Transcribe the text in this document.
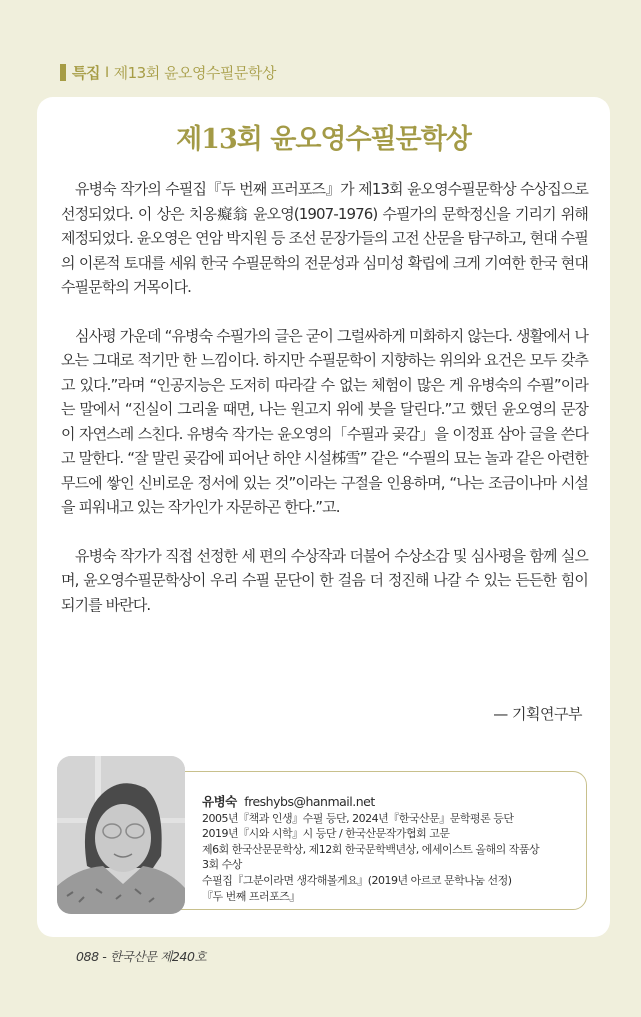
특집 I 제13회 윤오영수필문학상
제13회 윤오영수필문학상

유병숙 작가의 수필집『두 번째 프러포즈』가 제13회 윤오영수필문학상 수상집으로 선정되었다. 이 상은 치옹癡翁 윤오영(1907-1976) 수필가의 문학정신을 기리기 위해 제정되었다. 윤오영은 연암 박지원 등 조선 문장가들의 고전 산문을 탐구하고, 현대 수필의 이론적 토대를 세워 한국 수필문학의 전문성과 심미성 확립에 크게 기여한 한국 현대 수필문학의 거목이다.

심사평 가운데 “유병숙 수필가의 글은 굳이 그럴싸하게 미화하지 않는다. 생활에서 나오는 그대로 적기만 한 느낌이다. 하지만 수필문학이 지향하는 위의와 요건은 모두 갖추고 있다.”라며 “인공지능은 도저히 따라갈 수 없는 체험이 많은 게 유병숙의 수필”이라는 말에서 “진실이 그리울 때면, 나는 원고지 위에 붓을 달린다.”고 했던 윤오영의 문장이 자연스레 스친다. 유병숙 작가는 윤오영의「수필과 곶감」을 이정표 삼아 글을 쓴다고 말한다. “잘 말린 곶감에 피어난 하얀 시설柹雪” 같은 “수필의 묘는 놀과 같은 아련한 무드에 쌓인 신비로운 정서에 있는 것”이라는 구절을 인용하며, “나는 조금이나마 시설을 피워내고 있는 작가인가 자문하곤 한다.”고.

유병숙 작가가 직접 선정한 세 편의 수상작과 더불어 수상소감 및 심사평을 함께 실으며, 윤오영수필문학상이 우리 수필 문단이 한 걸음 더 정진해 나갈 수 있는 든든한 힘이 되기를 바란다.

— 기획연구부
유병숙 freshybs@hanmail.net
2005년『책과 인생』수필 등단, 2024년『한국산문』문학평론 등단
2019년『시와 시학』시 등단 / 한국산문작가협회 고문
제6회 한국산문문학상, 제12회 한국문학백년상, 에세이스트 올해의 작품상
3회 수상
수필집『그분이라면 생각해볼게요』(2019년 아르코 문학나눔 선정)
『두 번째 프러포즈』
088 - 한국산문 제240호
